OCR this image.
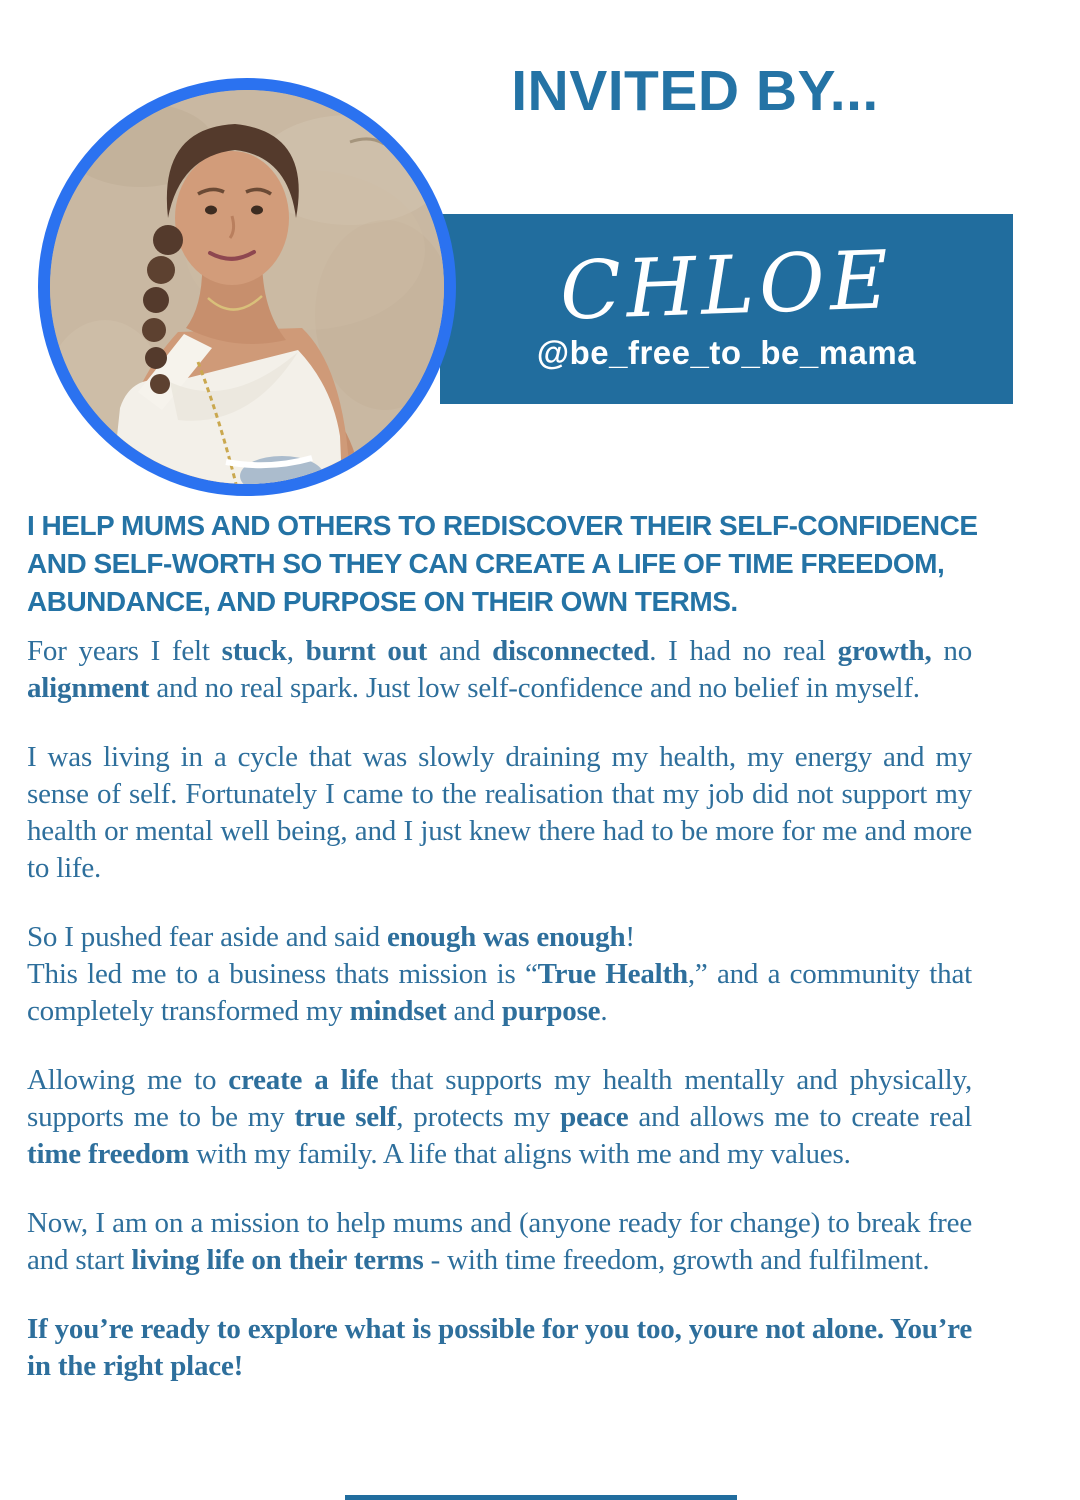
INVITED BY...
CHLOE
@be_free_to_be_mama

I HELP MUMS AND OTHERS TO REDISCOVER THEIR SELF-CONFIDENCE
AND SELF-WORTH SO THEY CAN CREATE A LIFE OF TIME FREEDOM,
ABUNDANCE, AND PURPOSE ON THEIR OWN TERMS.

For years I felt stuck, burnt out and disconnected. I had no real growth, no alignment and no real spark. Just low self-confidence and no belief in myself.

I was living in a cycle that was slowly draining my health, my energy and my sense of self. Fortunately I came to the realisation that my job did not support my health or mental well being, and I just knew there had to be more for me and more to life.

So I pushed fear aside and said enough was enough!
This led me to a business thats mission is “True Health,” and a community that completely transformed my mindset and purpose.

Allowing me to create a life that supports my health mentally and physically, supports me to be my true self, protects my peace and allows me to create real time freedom with my family. A life that aligns with me and my values.

Now, I am on a mission to help mums and (anyone ready for change) to break free and start living life on their terms - with time freedom, growth and fulfilment.

If you’re ready to explore what is possible for you too, youre not alone. You’re in the right place!
